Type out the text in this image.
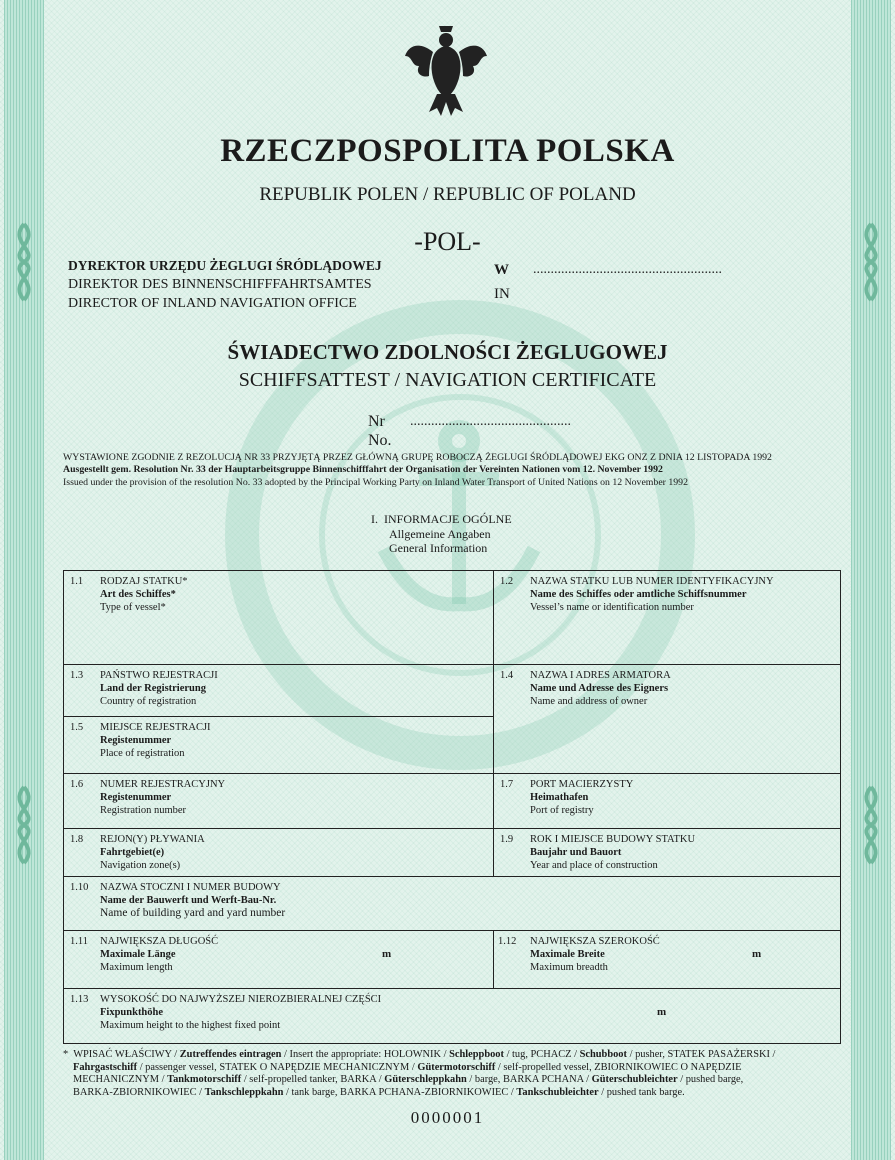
RZECZPOSPOLITA POLSKA
REPUBLIK POLEN / REPUBLIC OF POLAND
-POL-
DYREKTOR URZĘDU ŻEGLUGI ŚRÓDLĄDOWEJ
DIREKTOR DES BINNENSCHIFFFAHRTSAMTES
DIRECTOR OF INLAND NAVIGATION OFFICE
W
IN
......................................................
ŚWIADECTWO ZDOLNOŚCI ŻEGLUGOWEJ
SCHIFFSATTEST / NAVIGATION CERTIFICATE
Nr
No.
..............................................
WYSTAWIONE ZGODNIE Z REZOLUCJĄ NR 33 PRZYJĘTĄ PRZEZ GŁÓWNĄ GRUPĘ ROBOCZĄ ŻEGLUGI ŚRÓDLĄDOWEJ EKG ONZ Z DNIA 12 LISTOPADA 1992
Ausgestellt gem. Resolution Nr. 33 der Hauptarbeitsgruppe Binnenschifffahrt der Organisation der Vereinten Nationen vom 12. November 1992
Issued under the provision of the resolution No. 33 adopted by the Principal Working Party on Inland Water Transport of United Nations on 12 November 1992
I. INFORMACJE OGÓLNE
Allgemeine Angaben
General Information
1.1 RODZAJ STATKU*
Art des Schiffes*
Type of vessel*
1.2 NAZWA STATKU LUB NUMER IDENTYFIKACYJNY
Name des Schiffes oder amtliche Schiffsnummer
Vessel’s name or identification number
1.3 PAŃSTWO REJESTRACJI
Land der Registrierung
Country of registration
1.4 NAZWA I ADRES ARMATORA
Name und Adresse des Eigners
Name and address of owner
1.5 MIEJSCE REJESTRACJI
Registenummer
Place of registration
1.6 NUMER REJESTRACYJNY
Registenummer
Registration number
1.7 PORT MACIERZYSTY
Heimathafen
Port of registry
1.8 REJON(Y) PŁYWANIA
Fahrtgebiet(e)
Navigation zone(s)
1.9 ROK I MIEJSCE BUDOWY STATKU
Baujahr und Bauort
Year and place of construction
1.10 NAZWA STOCZNI I NUMER BUDOWY
Name der Bauwerft und Werft-Bau-Nr.
Name of building yard and yard number
1.11 NAJWIĘKSZA DŁUGOŚĆ
Maximale Länge
Maximum length
m
1.12 NAJWIĘKSZA SZEROKOŚĆ
Maximale Breite
Maximum breadth
m
1.13 WYSOKOŚĆ DO NAJWYŻSZEJ NIEROZBIERALNEJ CZĘŚCI
Fixpunkthöhe
Maximum height to the highest fixed point
m
* WPISAĆ WŁAŚCIWY / Zutreffendes eintragen / Insert the appropriate: HOLOWNIK / Schleppboot / tug, PCHACZ / Schubboot / pusher, STATEK PASAŻERSKI /
Fahrgastschiff / passenger vessel, STATEK O NAPĘDZIE MECHANICZNYM / Gütermotorschiff / self-propelled vessel, ZBIORNIKOWIEC O NAPĘDZIE
MECHANICZNYM / Tankmotorschiff / self-propelled tanker, BARKA / Güterschleppkahn / barge, BARKA PCHANA / Güterschubleichter / pushed barge,
BARKA-ZBIORNIKOWIEC / Tankschleppkahn / tank barge, BARKA PCHANA-ZBIORNIKOWIEC / Tankschubleichter / pushed tank barge.
0000001
